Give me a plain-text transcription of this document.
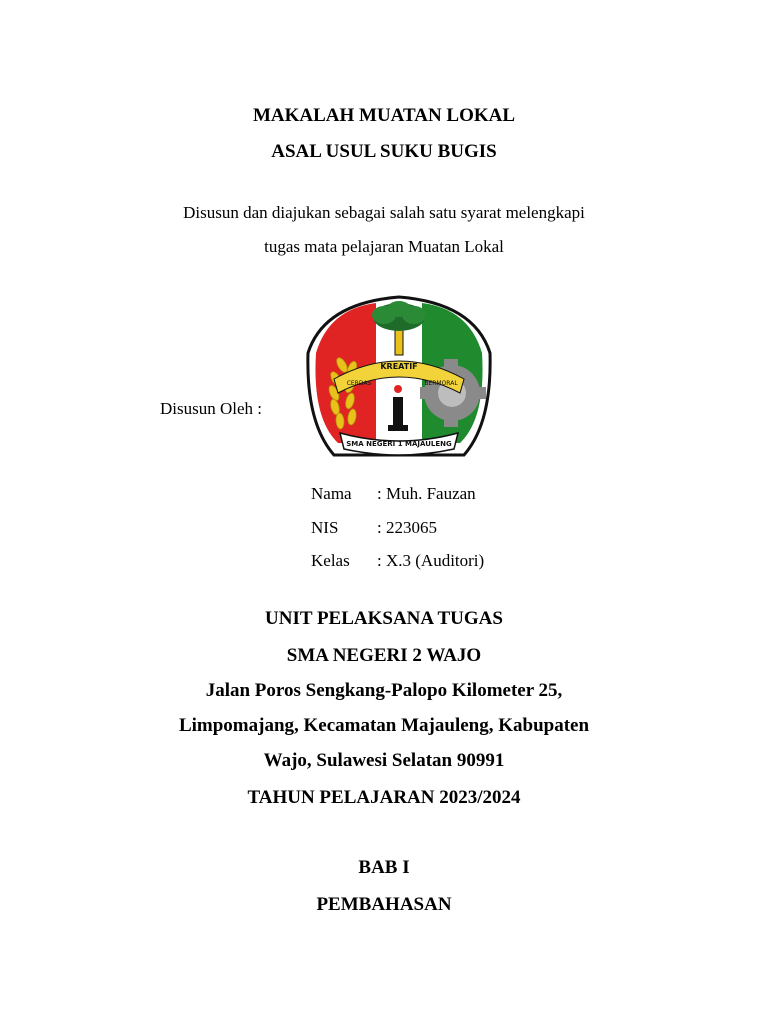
MAKALAH MUATAN LOKAL
ASAL USUL SUKU BUGIS
Disusun dan diajukan sebagai salah satu syarat melengkapi
tugas mata pelajaran Muatan Lokal
Disusun Oleh :
KREATIF
CERDAS	BERMORAL
SMA NEGERI 1 MAJAULENG
Nama : Muh. Fauzan
NIS : 223065
Kelas : X.3 (Auditori)
UNIT PELAKSANA TUGAS
SMA NEGERI 2 WAJO
Jalan Poros Sengkang-Palopo Kilometer 25,
Limpomajang, Kecamatan Majauleng, Kabupaten
Wajo, Sulawesi Selatan 90991
TAHUN PELAJARAN 2023/2024
BAB I
PEMBAHASAN
